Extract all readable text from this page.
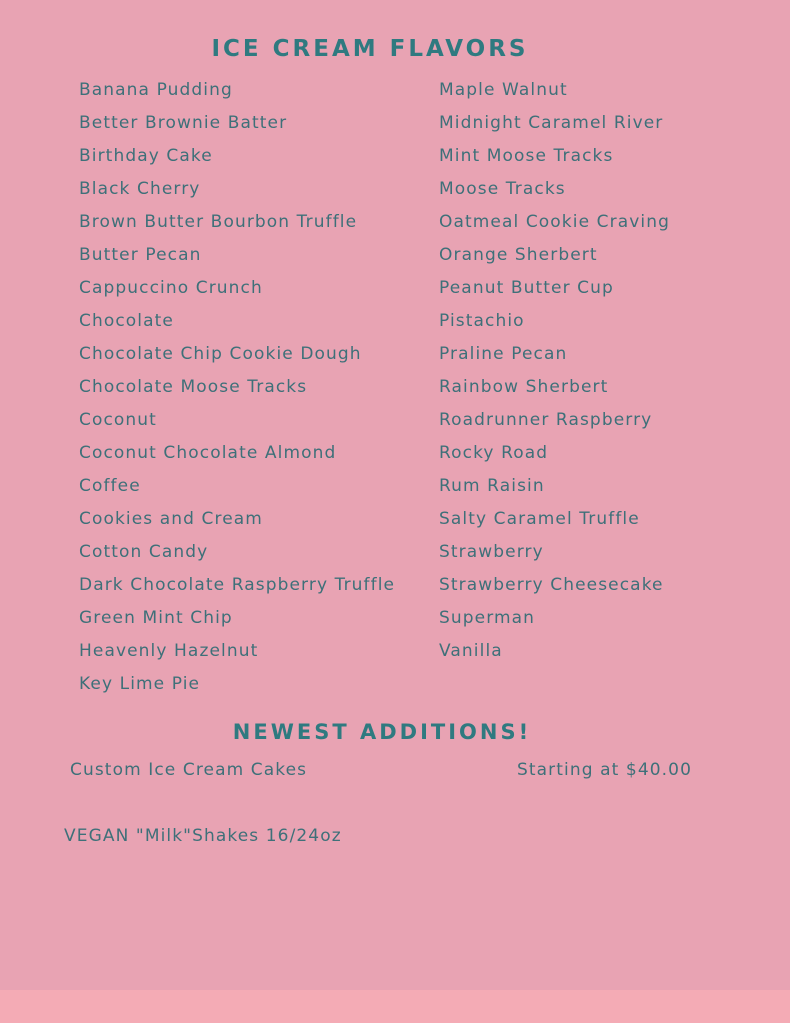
ICE CREAM FLAVORS
Banana Pudding
Better Brownie Batter
Birthday Cake
Black Cherry
Brown Butter Bourbon Truffle
Butter Pecan
Cappuccino Crunch
Chocolate
Chocolate Chip Cookie Dough
Chocolate Moose Tracks
Coconut
Coconut Chocolate Almond
Coffee
Cookies and Cream
Cotton Candy
Dark Chocolate Raspberry Truffle
Green Mint Chip
Heavenly Hazelnut
Key Lime Pie
Maple Walnut
Midnight Caramel River
Mint Moose Tracks
Moose Tracks
Oatmeal Cookie Craving
Orange Sherbert
Peanut Butter Cup
Pistachio
Praline Pecan
Rainbow Sherbert
Roadrunner Raspberry
Rocky Road
Rum Raisin
Salty Caramel Truffle
Strawberry
Strawberry Cheesecake
Superman
Vanilla
NEWEST ADDITIONS!
Custom Ice Cream Cakes	Starting at $40.00
VEGAN "Milk"Shakes 16/24oz
